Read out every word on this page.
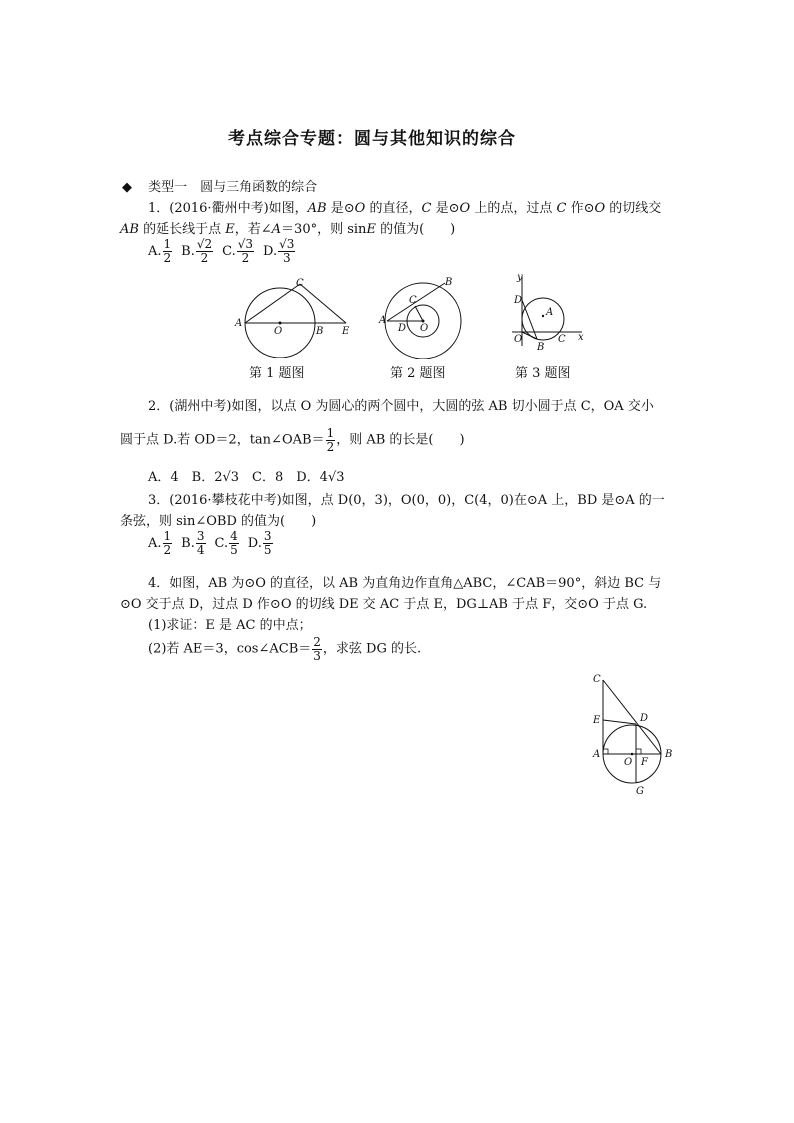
考点综合专题：圆与其他知识的综合
◆ 类型一　圆与三角函数的综合
1．(2016·衢州中考)如图，AB 是⊙O 的直径，C 是⊙O 上的点，过点 C 作⊙O 的切线交
AB 的延长线于点 E，若∠A＝30°，则 sinE 的值为(　　)
A. $\frac{1}{2} B$. $\frac{√2}{2} C$. $\frac{√3}{2} D$. $\frac{√3}{3}$
A
O	B
C
E
A
B
C
D O
y
x
D
A
O
B
C
第 1 题图	第 2 题图	第 3 题图
2．(湖州中考)如图，以点 O 为圆心的两个圆中，大圆的弦 AB 切小圆于点 C，OA 交小
圆于点 D.若 OD＝2，tan∠OAB＝ $\frac{1}{2}$ ，则 AB 的长是(　　)
A．4　B．2√3　C．8　D．4√3
3．(2016·攀枝花中考)如图，点 D(0，3)，O(0，0)，C(4，0)在⊙A 上，BD 是⊙A 的一
条弦，则 sin∠OBD 的值为(　　)
A. $\frac{1}{2} B$. $\frac{3}{4} C$. $\frac{4}{5} D$. $\frac{3}{5}$
4．如图，AB 为⊙O 的直径，以 AB 为直角边作直角△ABC，∠CAB＝90°，斜边 BC 与
⊙O 交于点 D，过点 D 作⊙O 的切线 DE 交 AC 于点 E，DG⊥AB 于点 F，交⊙O 于点 G.
(1)求证：E 是 AC 的中点；
(2)若 AE＝3，cos∠ACB＝ $\frac{2}{3}$ ，求弦 DG 的长.
C
E	D
A
O F
B
G
